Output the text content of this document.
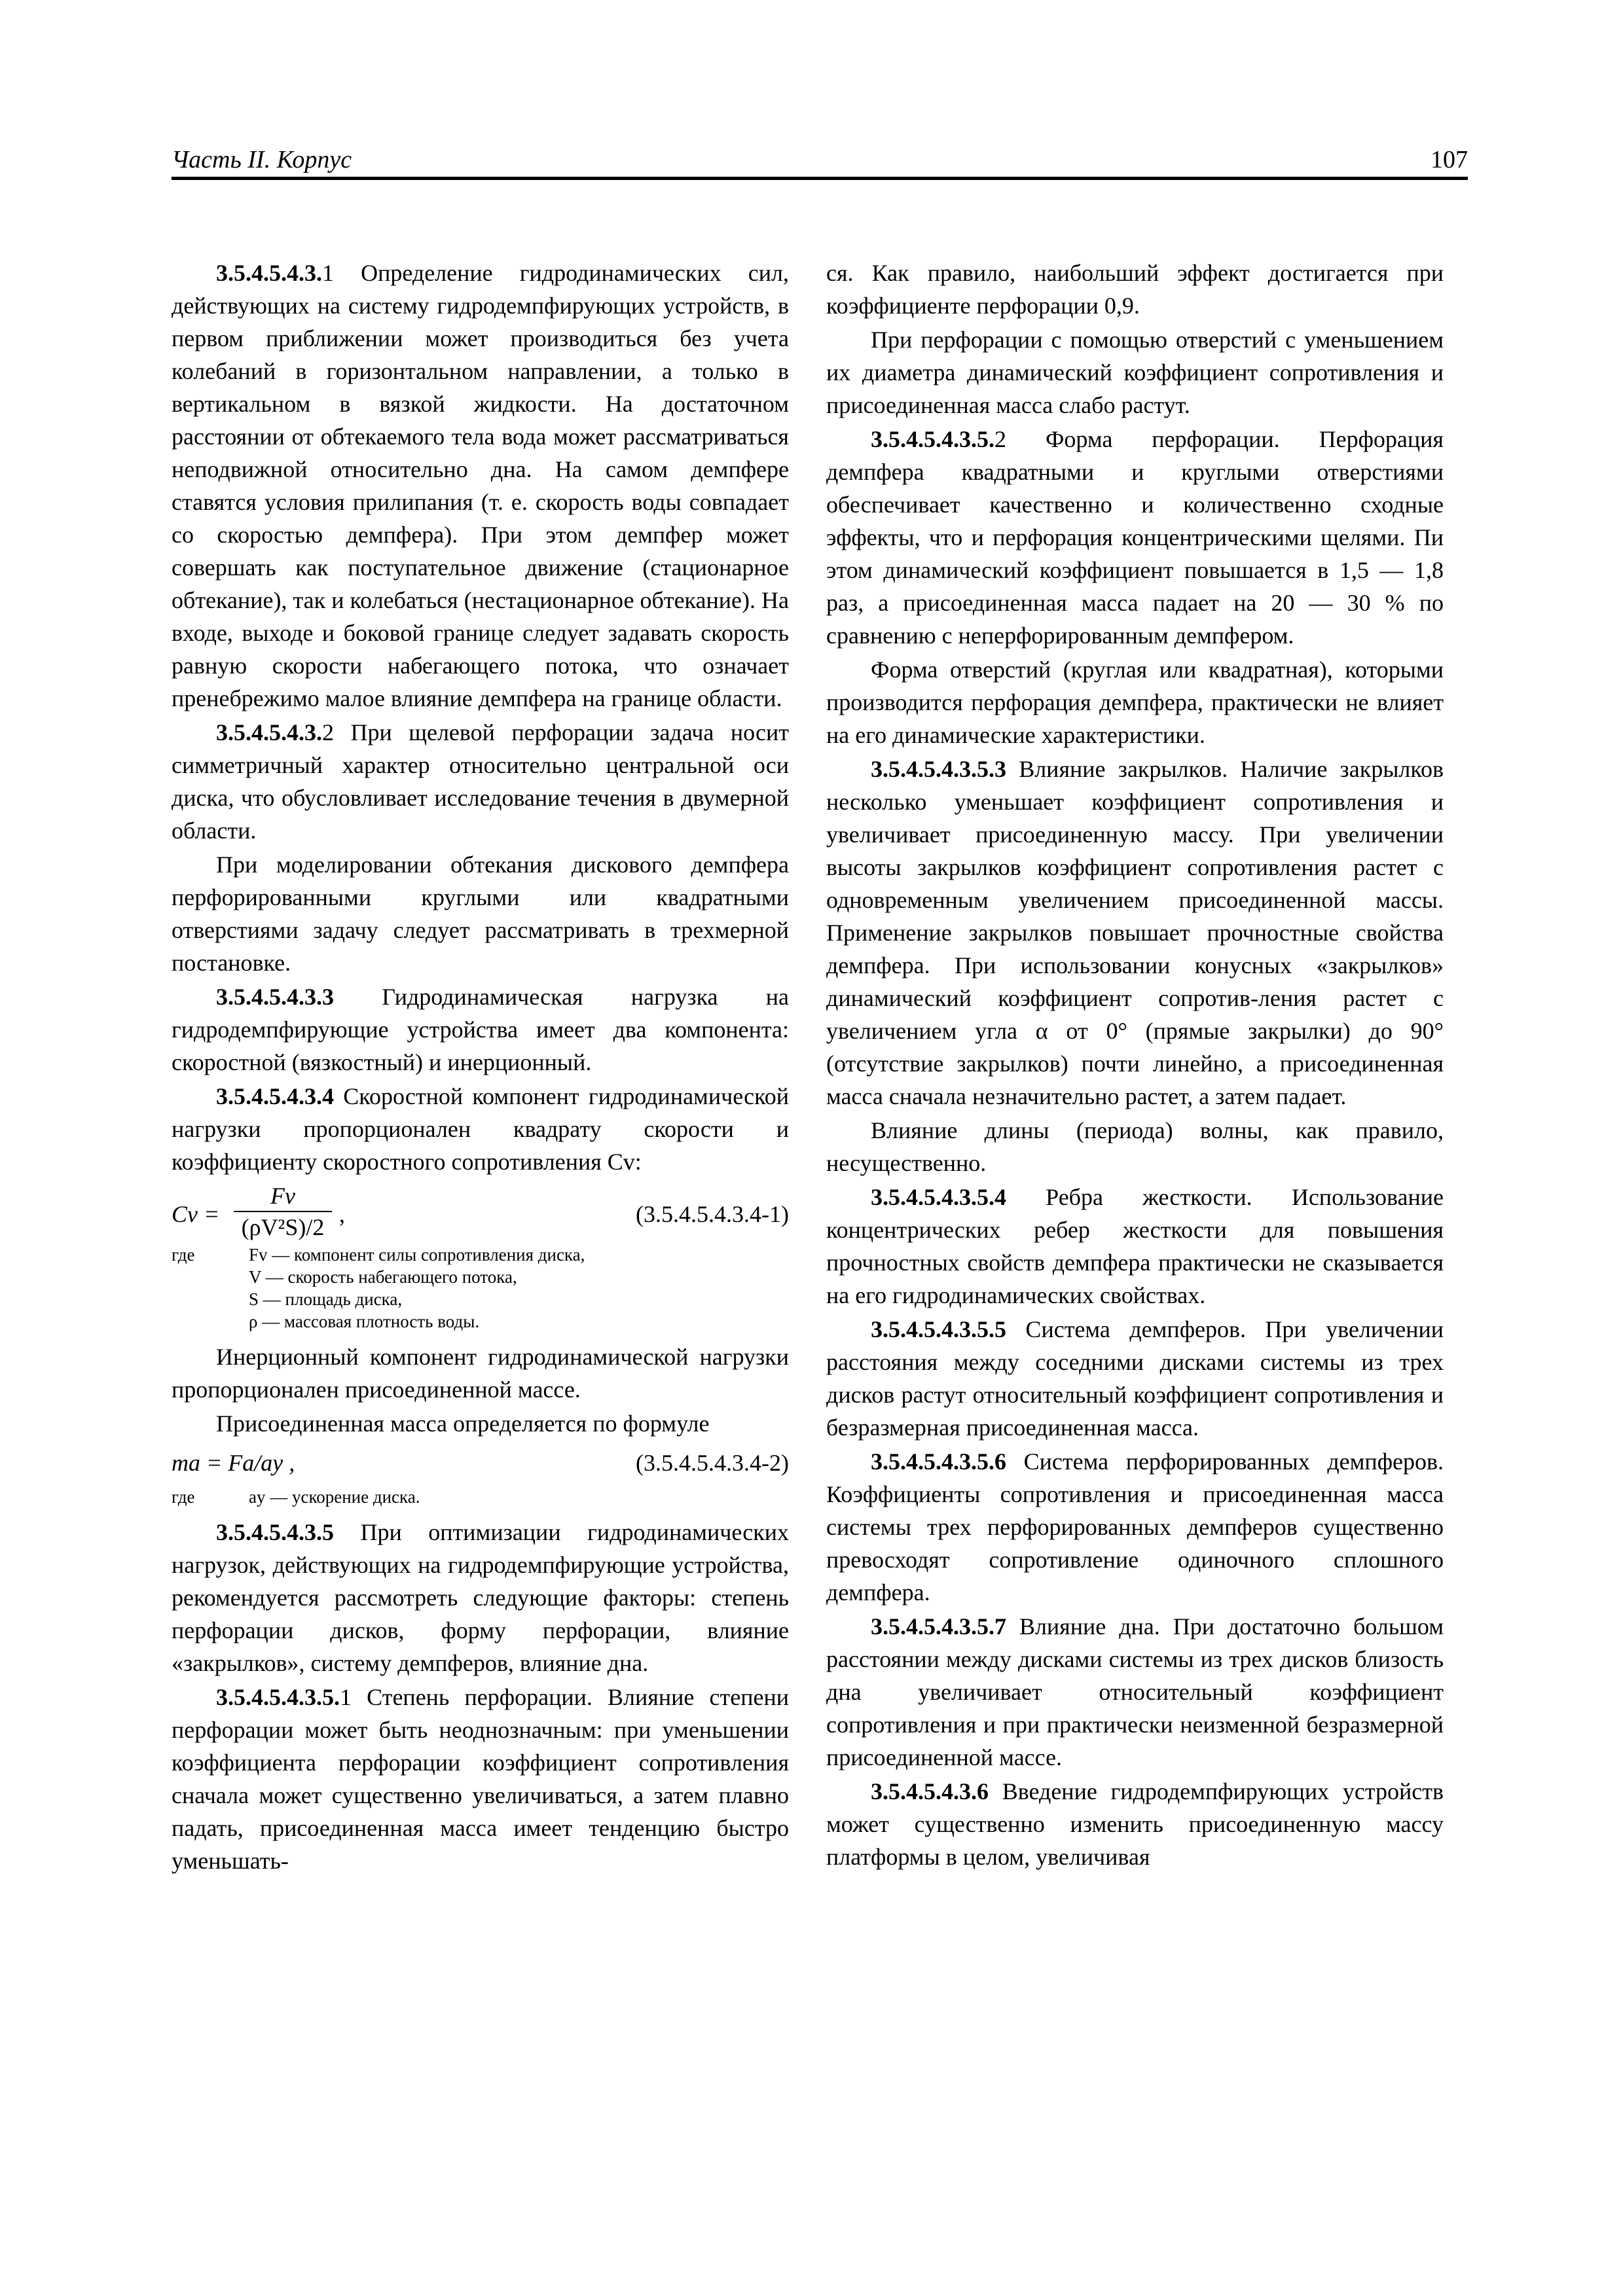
Часть II. Корпус	107

3.5.4.5.4.3.1 Определение гидродинамических сил, действующих на систему гидродемпфирующих устройств, в первом приближении может производиться без учета колебаний в горизонтальном направлении, а только в вертикальном в вязкой жидкости. На достаточном расстоянии от обтекаемого тела вода может рассматриваться неподвижной относительно дна. На самом демпфере ставятся условия прилипания (т. е. скорость воды совпадает со скоростью демпфера). При этом демпфер может совершать как поступательное движение (стационарное обтекание), так и колебаться (нестационарное обтекание). На входе, выходе и боковой границе следует задавать скорость равную скорости набегающего потока, что означает пренебрежимо малое влияние демпфера на границе области.

3.5.4.5.4.3.2 При щелевой перфорации задача носит симметричный характер относительно центральной оси диска, что обусловливает исследование течения в двумерной области.

При моделировании обтекания дискового демпфера перфорированными круглыми или квадратными отверстиями задачу следует рассматривать в трехмерной постановке.

3.5.4.5.4.3.3 Гидродинамическая нагрузка на гидродемпфирующие устройства имеет два компонента: скоростной (вязкостный) и инерционный.

3.5.4.5.4.3.4 Скоростной компонент гидродинамической нагрузки пропорционален квадрату скорости и коэффициенту скоростного сопротивления Cv:

Cv =
Fv
(ρV²S)/2 ,	(3.5.4.5.4.3.4-1)
где	Fv — компонент силы сопротивления диска,
V — скорость набегающего потока,
S — площадь диска,
ρ — массовая плотность воды.

Инерционный компонент гидродинамической нагрузки пропорционален присоединенной массе.

Присоединенная масса определяется по формуле

ma = Fa/ay ,	(3.5.4.5.4.3.4-2)
где	ay — ускорение диска.

3.5.4.5.4.3.5 При оптимизации гидродинамических нагрузок, действующих на гидродемпфирующие устройства, рекомендуется рассмотреть следующие факторы: степень перфорации дисков, форму перфорации, влияние «закрылков», систему демпферов, влияние дна.

3.5.4.5.4.3.5.1 Степень перфорации. Влияние степени перфорации может быть неоднозначным: при уменьшении коэффициента перфорации коэффициент сопротивления сначала может существенно увеличиваться, а затем плавно падать, присоединенная масса имеет тенденцию быстро уменьшать-

ся. Как правило, наибольший эффект достигается при коэффициенте перфорации 0,9.

При перфорации с помощью отверстий с уменьшением их диаметра динамический коэффициент сопротивления и присоединенная масса слабо растут.

3.5.4.5.4.3.5.2 Форма перфорации. Перфорация демпфера квадратными и круглыми отверстиями обеспечивает качественно и количественно сходные эффекты, что и перфорация концентрическими щелями. Пи этом динамический коэффициент повышается в 1,5 — 1,8 раз, а присоединенная масса падает на 20 — 30 % по сравнению с неперфорированным демпфером.

Форма отверстий (круглая или квадратная), которыми производится перфорация демпфера, практически не влияет на его динамические характеристики.

3.5.4.5.4.3.5.3 Влияние закрылков. Наличие закрылков несколько уменьшает коэффициент сопротивления и увеличивает присоединенную массу. При увеличении высоты закрылков коэффициент сопротивления растет с одновременным увеличением присоединенной массы. Применение закрылков повышает прочностные свойства демпфера. При использовании конусных «закрылков» динамический коэффициент сопротив-ления растет с увеличением угла α от 0° (прямые закрылки) до 90° (отсутствие закрылков) почти линейно, а присоединенная масса сначала незначительно растет, а затем падает.

Влияние длины (периода) волны, как правило, несущественно.

3.5.4.5.4.3.5.4 Ребра жесткости. Использование концентрических ребер жесткости для повышения прочностных свойств демпфера практически не сказывается на его гидродинамических свойствах.

3.5.4.5.4.3.5.5 Система демпферов. При увеличении расстояния между соседними дисками системы из трех дисков растут относительный коэффициент сопротивления и безразмерная присоединенная масса.

3.5.4.5.4.3.5.6 Система перфорированных демпферов. Коэффициенты сопротивления и присоединенная масса системы трех перфорированных демпферов существенно превосходят сопротивление одиночного сплошного демпфера.

3.5.4.5.4.3.5.7 Влияние дна. При достаточно большом расстоянии между дисками системы из трех дисков близость дна увеличивает относительный коэффициент сопротивления и при практически неизменной безразмерной присоединенной массе.

3.5.4.5.4.3.6 Введение гидродемпфирующих устройств может существенно изменить присоединенную массу платформы в целом, увеличивая
